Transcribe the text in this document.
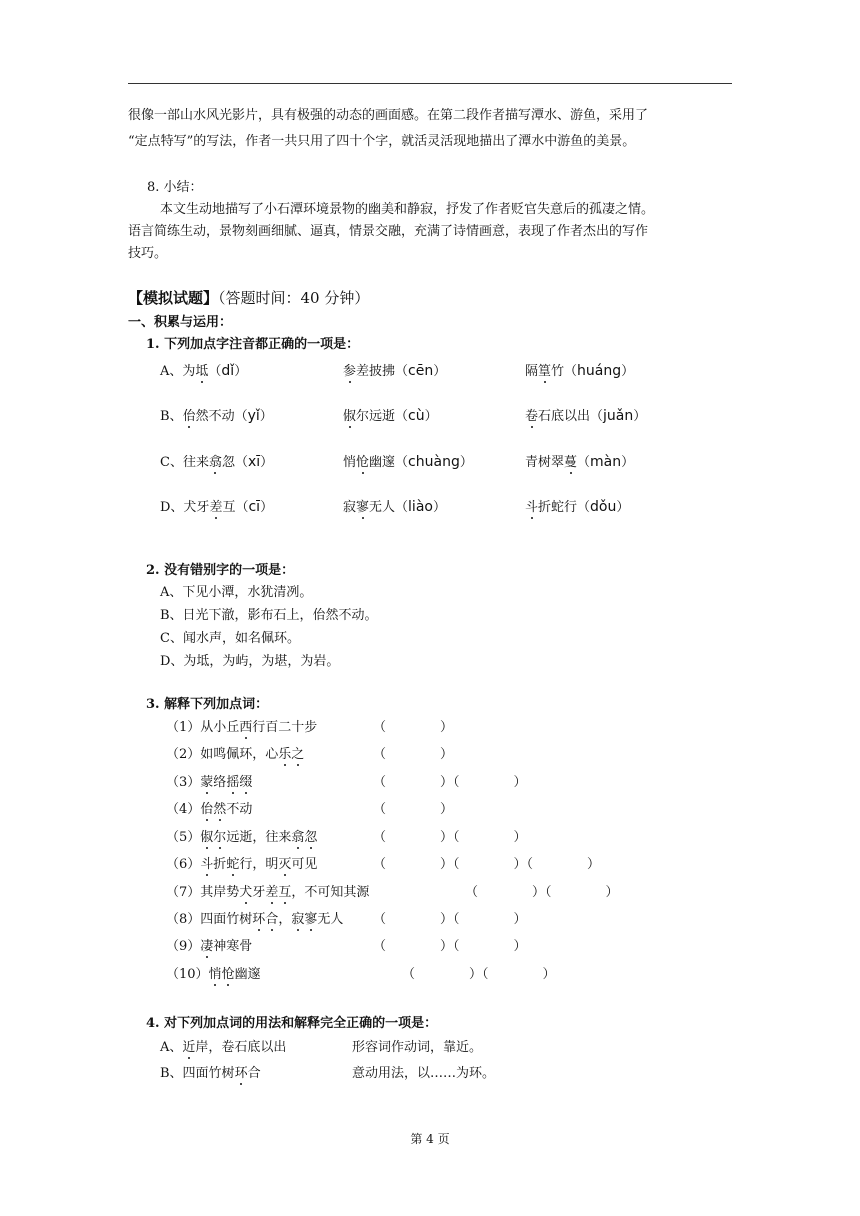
很像一部山水风光影片，具有极强的动态的画面感。在第二段作者描写潭水、游鱼，采用了
“定点特写”的写法，作者一共只用了四十个字，就活灵活现地描出了潭水中游鱼的美景。
8. 小结：
本文生动地描写了小石潭环境景物的幽美和静寂，抒发了作者贬官失意后的孤凄之情。
语言简练生动，景物刻画细腻、逼真，情景交融，充满了诗情画意，表现了作者杰出的写作
技巧。
【模拟试题】（答题时间：40 分钟）
一、积累与运用：
1. 下列加点字注音都正确的一项是：
A、为坻（dǐ）	参差披拂（cēn）	隔篁竹（huáng）
B、佁然不动（yǐ）	俶尔远逝（cù）	卷石底以出（juǎn）
C、往来翕忽（xī）	悄怆幽邃（chuàng）	青树翠蔓（màn）
D、犬牙差互（cī）	寂寥无人（liào）	斗折蛇行（dǒu）
2. 没有错别字的一项是：
A、下见小潭，水犹清冽。
B、日光下澈，影布石上，佁然不动。
C、闻水声，如名佩环。
D、为坻，为屿，为堪，为岩。
3. 解释下列加点词：
（1）从小丘西行百二十步	（	）
（2）如鸣佩环，心乐之	（	）
（3）蒙络摇缀	（	）（	）
（4）佁然不动	（	）
（5）俶尔远逝，往来翕忽	（	）（	）
（6）斗折蛇行，明灭可见	（	）（	）（	）
（7）其岸势犬牙差互，不可知其源	（	）（	）
（8）四面竹树环合，寂寥无人 （	）（	）
（9）凄神寒骨	（	）（	）
（10）悄怆幽邃	（	）（	）
4. 对下列加点词的用法和解释完全正确的一项是：
A、近岸，卷石底以出	形容词作动词，靠近。
B、四面竹树环合	意动用法，以……为环。
第 4 页
